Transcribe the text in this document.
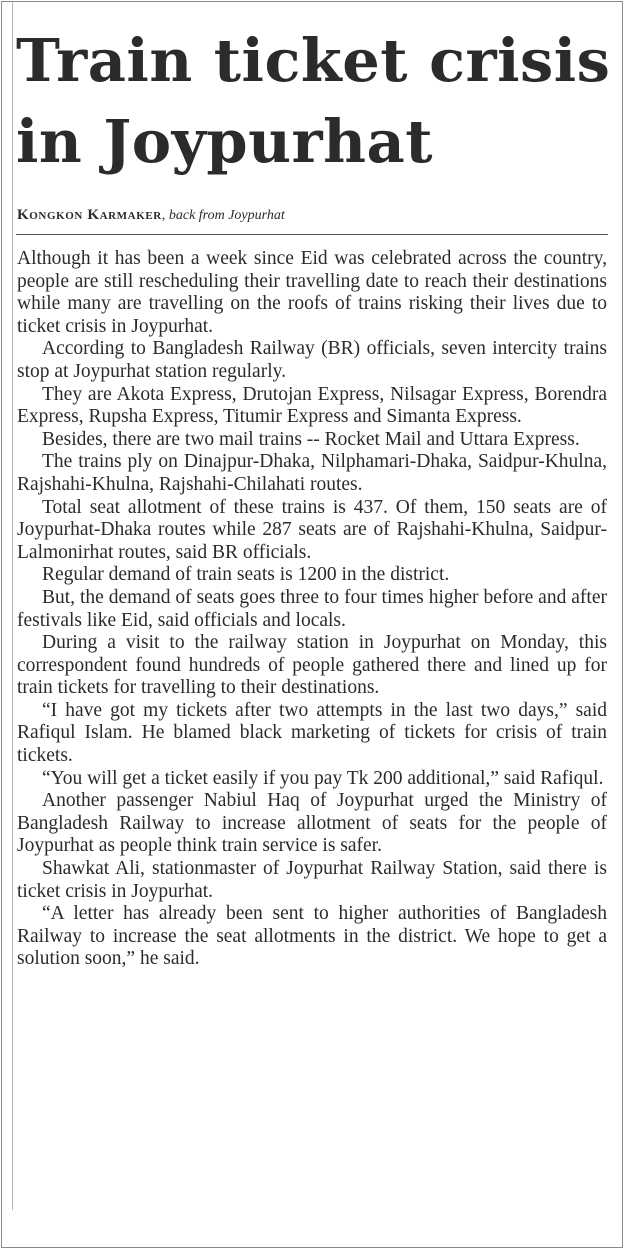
Train ticket crisis in Joypurhat
Kongkon Karmaker, back from Joypurhat

Although it has been a week since Eid was celebrated across the country, people are still rescheduling their travelling date to reach their destinations while many are travelling on the roofs of trains risking their lives due to ticket crisis in Joypurhat.

According to Bangladesh Railway (BR) officials, seven intercity trains stop at Joypurhat station regularly.

They are Akota Express, Drutojan Express, Nilsagar Express, Borendra Express, Rupsha Express, Titumir Express and Simanta Express.

Besides, there are two mail trains -- Rocket Mail and Uttara Express.

The trains ply on Dinajpur-Dhaka, Nilphamari-Dhaka, Saidpur-Khulna, Rajshahi-Khulna, Rajshahi-Chilahati routes.

Total seat allotment of these trains is 437. Of them, 150 seats are of Joypurhat-Dhaka routes while 287 seats are of Rajshahi-Khulna, Saidpur-Lalmonirhat routes, said BR officials.

Regular demand of train seats is 1200 in the district.

But, the demand of seats goes three to four times higher before and after festivals like Eid, said officials and locals.

During a visit to the railway station in Joypurhat on Monday, this correspondent found hundreds of people gathered there and lined up for train tickets for travelling to their destinations.

“I have got my tickets after two attempts in the last two days,” said Rafiqul Islam. He blamed black marketing of tickets for crisis of train tickets.

“You will get a ticket easily if you pay Tk 200 additional,” said Rafiqul.

Another passenger Nabiul Haq of Joypurhat urged the Ministry of Bangladesh Railway to increase allotment of seats for the people of Joypurhat as people think train service is safer.

Shawkat Ali, stationmaster of Joypurhat Railway Station, said there is ticket crisis in Joypurhat.

“A letter has already been sent to higher authorities of Bangladesh Railway to increase the seat allotments in the district. We hope to get a solution soon,” he said.
